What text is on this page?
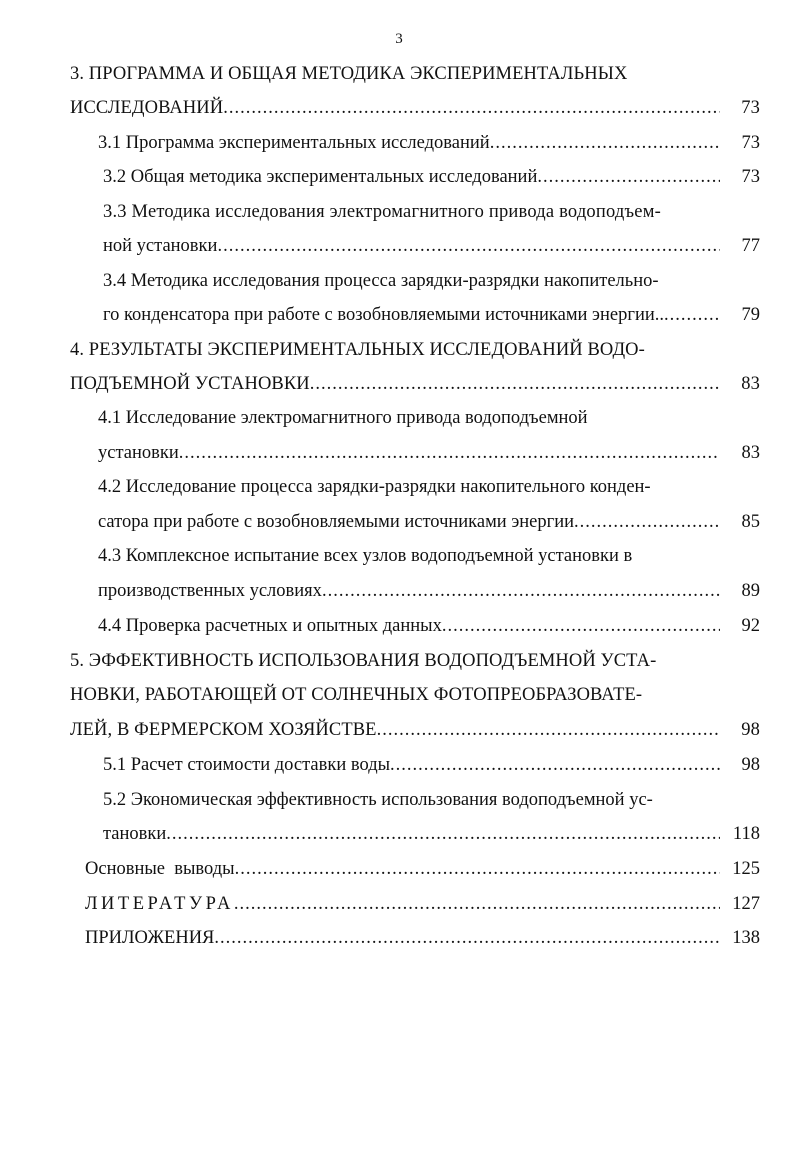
3
3. ПРОГРАММА И ОБЩАЯ МЕТОДИКА ЭКСПЕРИМЕНТАЛЬНЫХ
ИССЛЕДОВАНИЙ .....	73
3.1 Программа экспериментальных исследований .....	73
3.2 Общая методика экспериментальных исследований .....	73
3.3 Методика исследования электромагнитного привода водоподъем-
ной установки .....	77
3.4 Методика исследования процесса зарядки-разрядки накопительно-
го конденсатора при работе с возобновляемыми источниками энергии.. .....	79
4. РЕЗУЛЬТАТЫ ЭКСПЕРИМЕНТАЛЬНЫХ ИССЛЕДОВАНИЙ ВОДО-
ПОДЪЕМНОЙ УСТАНОВКИ .....	83
4.1 Исследование электромагнитного привода водоподъемной
установки .....	83
4.2 Исследование процесса зарядки-разрядки накопительного конден-
сатора при работе с возобновляемыми источниками энергии .....	85
4.3 Комплексное испытание всех узлов водоподъемной установки в
производственных условиях .....	89
4.4 Проверка расчетных и опытных данных .....	92
5. ЭФФЕКТИВНОСТЬ ИСПОЛЬЗОВАНИЯ ВОДОПОДЪЕМНОЙ УСТА-
НОВКИ, РАБОТАЮЩЕЙ ОТ СОЛНЕЧНЫХ ФОТОПРЕОБРАЗОВАТЕ-
ЛЕЙ, В ФЕРМЕРСКОМ ХОЗЯЙСТВЕ .....	98
5.1 Расчет стоимости доставки воды .....	98
5.2 Экономическая эффективность использования водоподъемной ус-
тановки .....	118
Основные  выводы .....	125
ЛИТЕРАТУРА .....	127
ПРИЛОЖЕНИЯ .....	138
